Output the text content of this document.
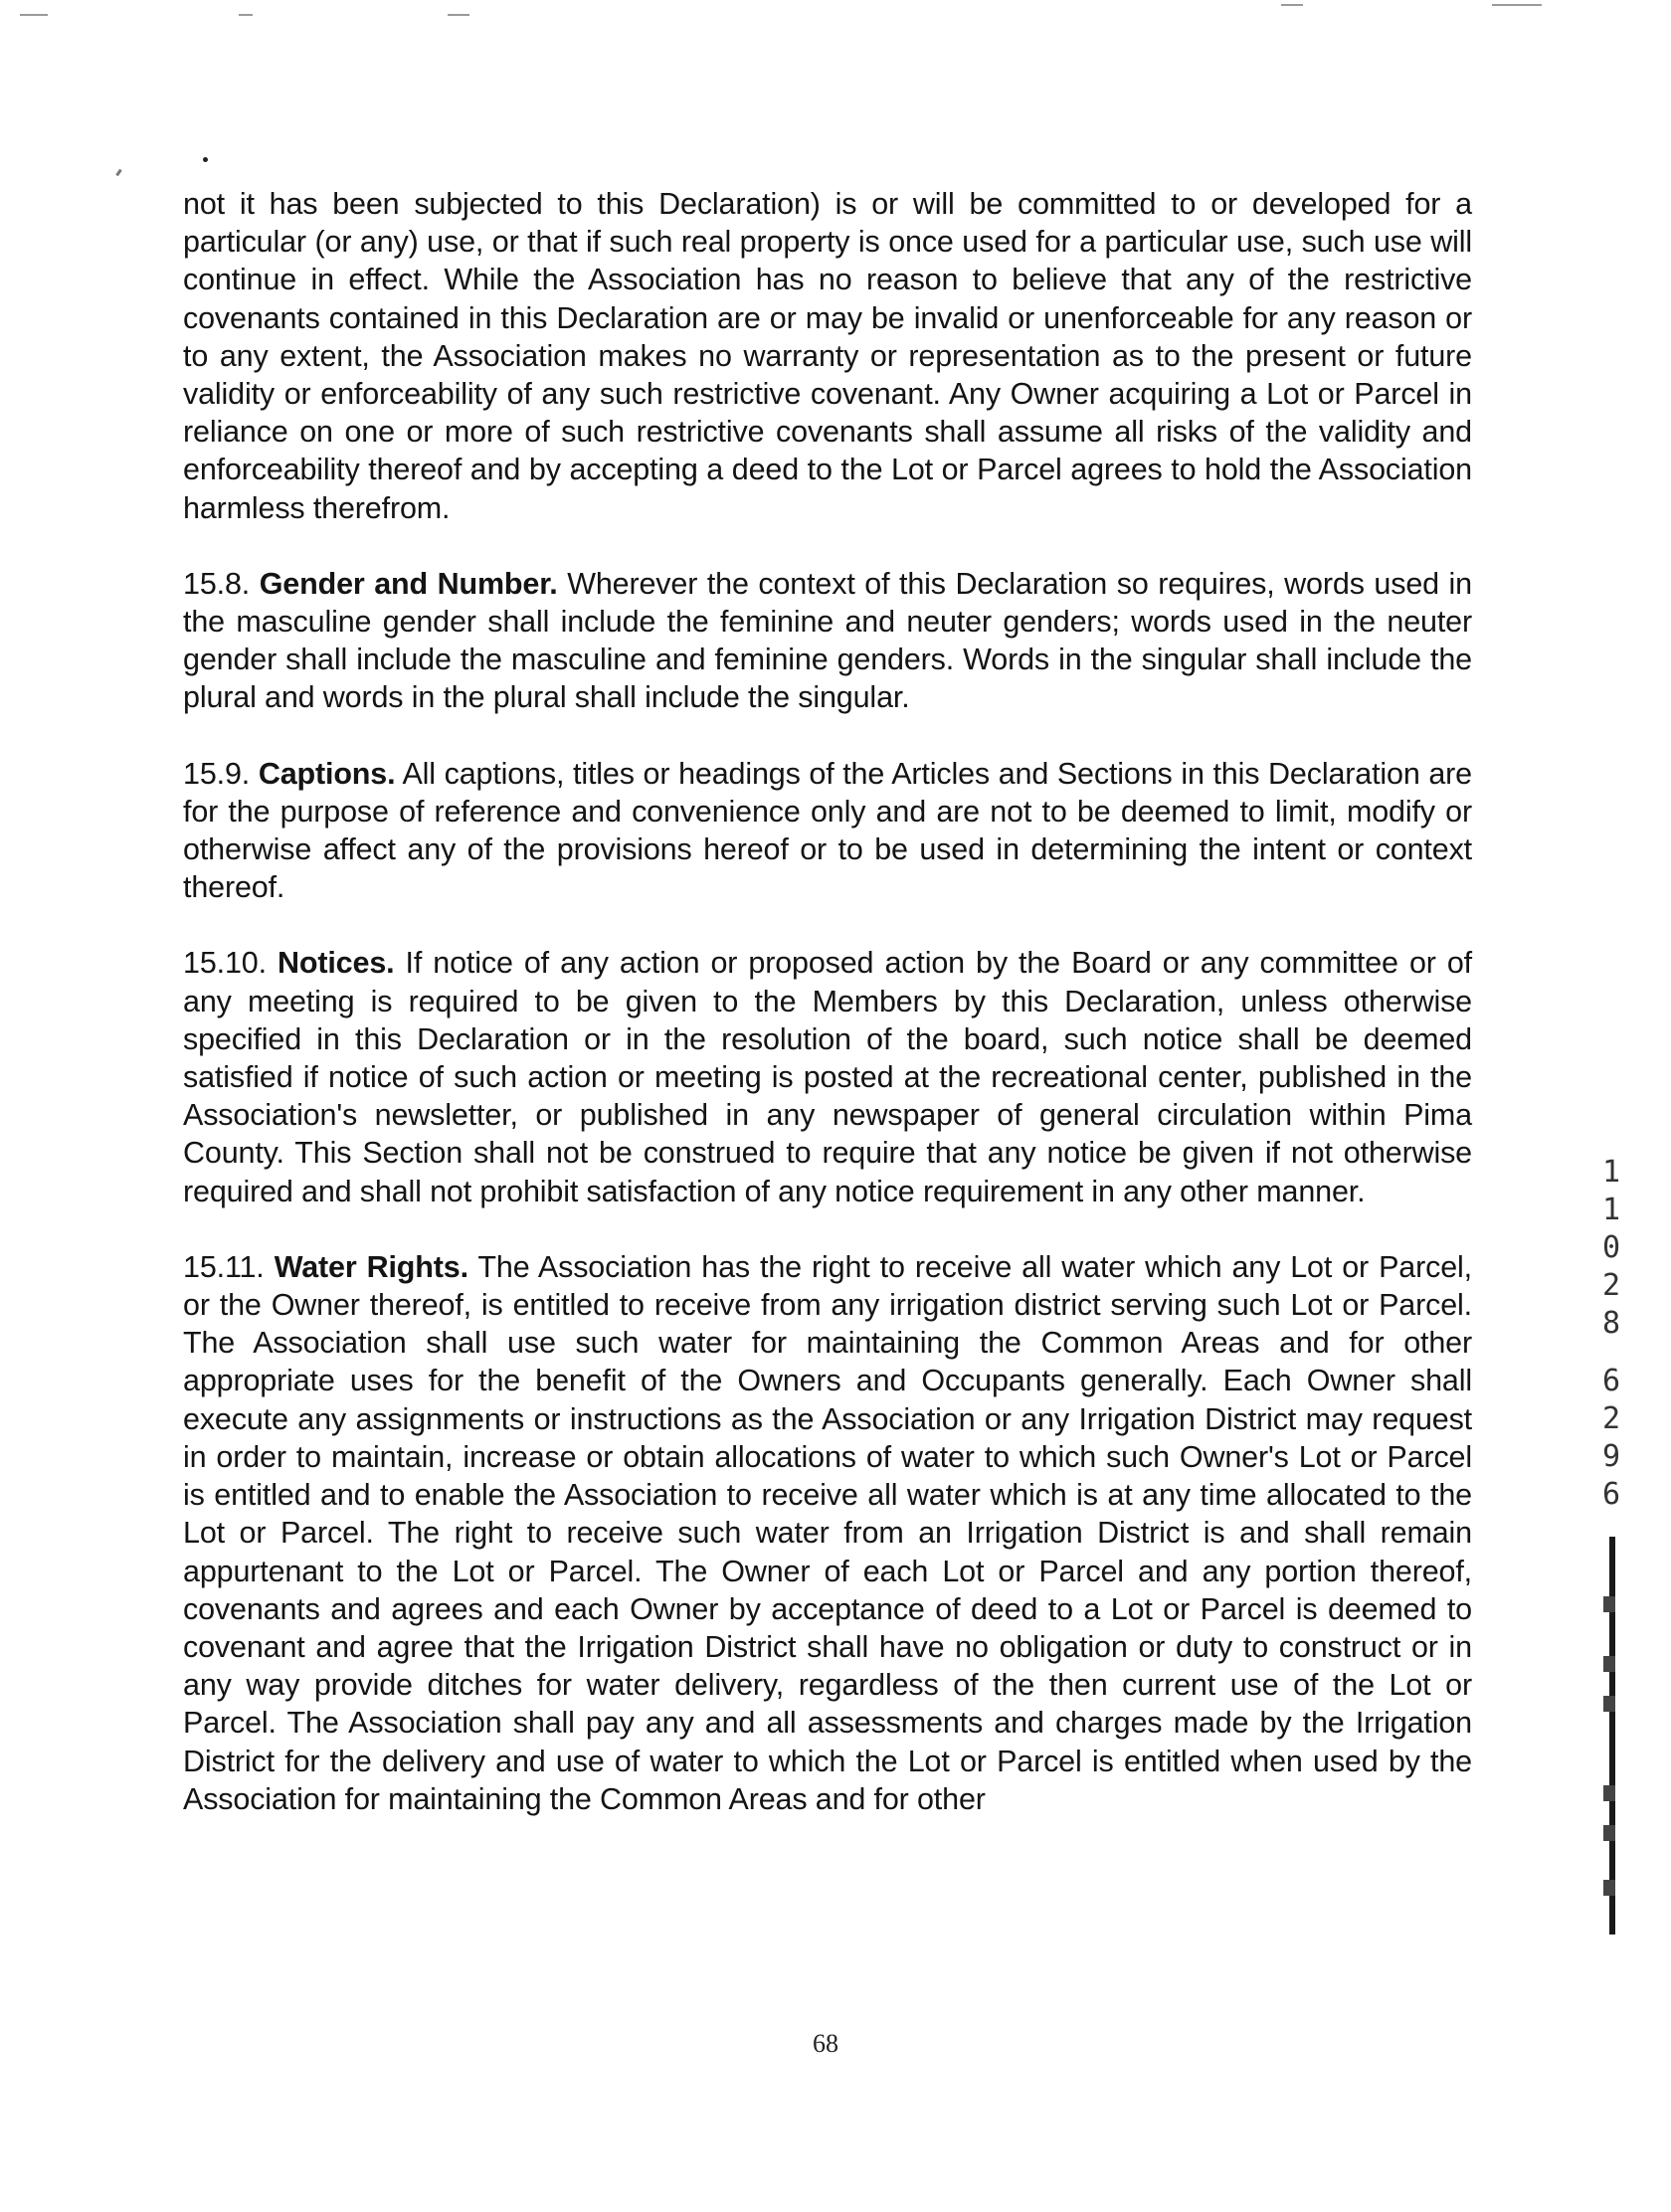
not it has been subjected to this Declaration) is or will be committed to or developed for a particular (or any) use, or that if such real property is once used for a particular use, such use will continue in effect. While the Association has no reason to believe that any of the restrictive covenants contained in this Declaration are or may be invalid or unenforceable for any reason or to any extent, the Association makes no warranty or representation as to the present or future validity or enforceability of any such restrictive covenant. Any Owner acquiring a Lot or Parcel in reliance on one or more of such restrictive covenants shall assume all risks of the validity and enforceability thereof and by accepting a deed to the Lot or Parcel agrees to hold the Association harmless therefrom.

15.8. Gender and Number. Wherever the context of this Declaration so requires, words used in the masculine gender shall include the feminine and neuter genders; words used in the neuter gender shall include the masculine and feminine genders. Words in the singular shall include the plural and words in the plural shall include the singular.

15.9. Captions. All captions, titles or headings of the Articles and Sections in this Declaration are for the purpose of reference and convenience only and are not to be deemed to limit, modify or otherwise affect any of the provisions hereof or to be used in determining the intent or context thereof.

15.10. Notices. If notice of any action or proposed action by the Board or any committee or of any meeting is required to be given to the Members by this Declaration, unless otherwise specified in this Declaration or in the resolution of the board, such notice shall be deemed satisfied if notice of such action or meeting is posted at the recreational center, published in the Association's newsletter, or published in any newspaper of general circulation within Pima County. This Section shall not be construed to require that any notice be given if not otherwise required and shall not prohibit satisfaction of any notice requirement in any other manner.

15.11. Water Rights. The Association has the right to receive all water which any Lot or Parcel, or the Owner thereof, is entitled to receive from any irrigation district serving such Lot or Parcel. The Association shall use such water for maintaining the Common Areas and for other appropriate uses for the benefit of the Owners and Occupants generally. Each Owner shall execute any assignments or instructions as the Association or any Irrigation District may request in order to maintain, increase or obtain allocations of water to which such Owner's Lot or Parcel is entitled and to enable the Association to receive all water which is at any time allocated to the Lot or Parcel. The right to receive such water from an Irrigation District is and shall remain appurtenant to the Lot or Parcel. The Owner of each Lot or Parcel and any portion thereof, covenants and agrees and each Owner by acceptance of deed to a Lot or Parcel is deemed to covenant and agree that the Irrigation District shall have no obligation or duty to construct or in any way provide ditches for water delivery, regardless of the then current use of the Lot or Parcel. The Association shall pay any and all assessments and charges made by the Irrigation District for the delivery and use of water to which the Lot or Parcel is entitled when used by the Association for maintaining the Common Areas and for other

1
1
0
2
8
6
2
9
6
68
